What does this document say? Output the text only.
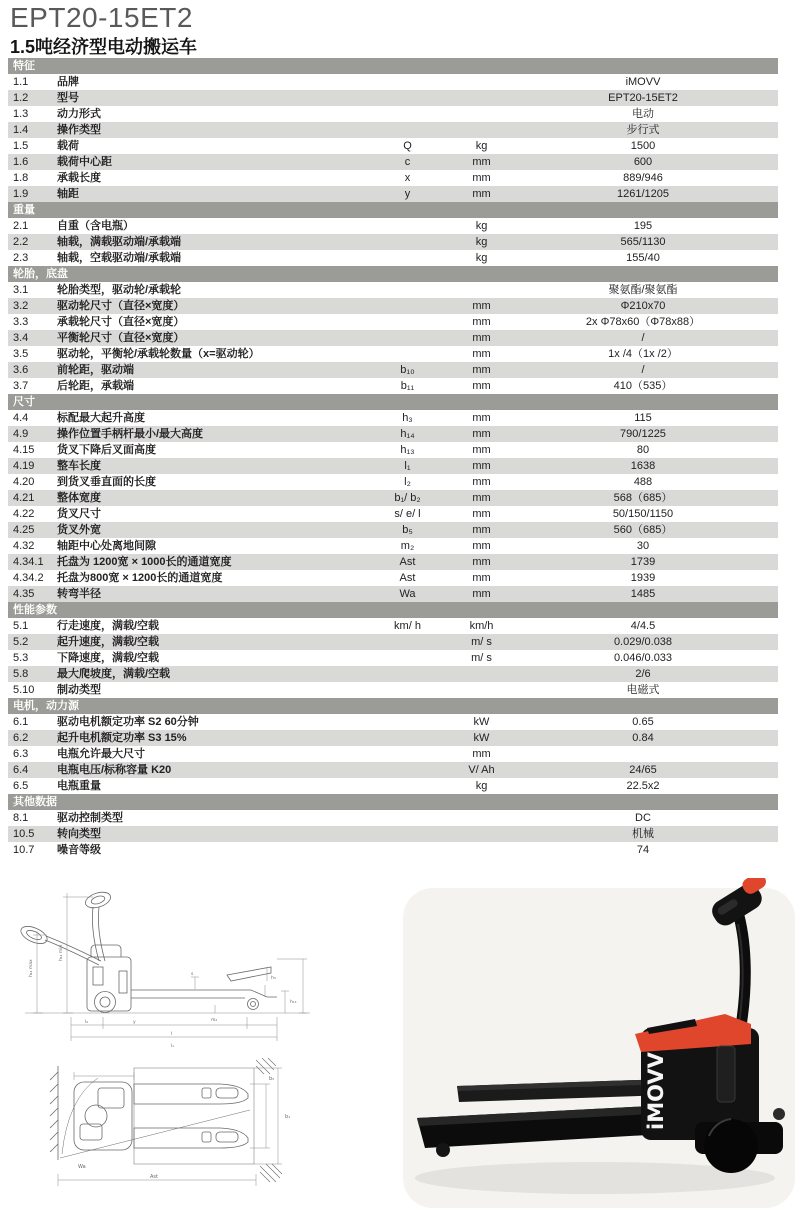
EPT20-15ET2
1.5吨经济型电动搬运车
特征
1.1	品牌	iMOVV
1.2	型号	EPT20-15ET2
1.3	动力形式	电动
1.4	操作类型	步行式
1.5	载荷	Q	kg	1500
1.6	载荷中心距	c	mm	600
1.8	承载长度	x	mm	889/946
1.9	轴距	y	mm	1261/1205
重量
2.1	自重（含电瓶）	kg	195
2.2	轴载，满载驱动端/承载端	kg	565/1130
2.3	轴载，空载驱动端/承载端	kg	155/40
轮胎，底盘
3.1	轮胎类型，驱动轮/承载轮	聚氨酯/聚氨酯
3.2	驱动轮尺寸（直径×宽度）	mm	Φ210x70
3.3	承载轮尺寸（直径×宽度）	mm	2x Φ78x60（Φ78x88）
3.4	平衡轮尺寸（直径×宽度）	mm	/
3.5	驱动轮，平衡轮/承载轮数量（x=驱动轮）	mm	1x /4（1x /2）
3.6	前轮距，驱动端	b₁₀	mm	/
3.7	后轮距，承载端	b₁₁	mm	410（535）
尺寸
4.4	标配最大起升高度	h₃	mm	115
4.9	操作位置手柄杆最小/最大高度	h₁₄	mm	790/1225
4.15	货叉下降后叉面高度	h₁₃	mm	80
4.19	整车长度	l₁	mm	1638
4.20	到货叉垂直面的长度	l₂	mm	488
4.21	整体宽度	b₁/ b₂	mm	568（685）
4.22	货叉尺寸	s/ e/ l	mm	50/150/1150
4.25	货叉外宽	b₅	mm	560（685）
4.32	轴距中心处离地间隙	m₂	mm	30
4.34.1	托盘为 1200宽 × 1000长的通道宽度	Ast	mm	1739
4.34.2	托盘为800宽 × 1200长的通道宽度	Ast	mm	1939
4.35	转弯半径	Wa	mm	1485
性能参数
5.1	行走速度，满载/空载	km/ h	km/h	4/4.5
5.2	起升速度，满载/空载	m/ s	0.029/0.038
5.3	下降速度，满载/空载	m/ s	0.046/0.033
5.8	最大爬坡度，满载/空载	2/6
5.10	制动类型	电磁式
电机，动力源
6.1	驱动电机额定功率 S2 60分钟	kW	0.65
6.2	起升电机额定功率 S3 15%	kW	0.84
6.3	电瓶允许最大尺寸	mm
6.4	电瓶电压/标称容量 K20	V/ Ah	24/65
6.5	电瓶重量	kg	22.5x2
其他数据
8.1	驱动控制类型	DC
10.5	转向类型	机械
10.7	噪音等级	74
h₁₄ max
h₁₄ min
y
l₂
l
l₁
h₃
h₁₃
m₂
s
Ast
b₁
b₅
Wa
iMOVV
